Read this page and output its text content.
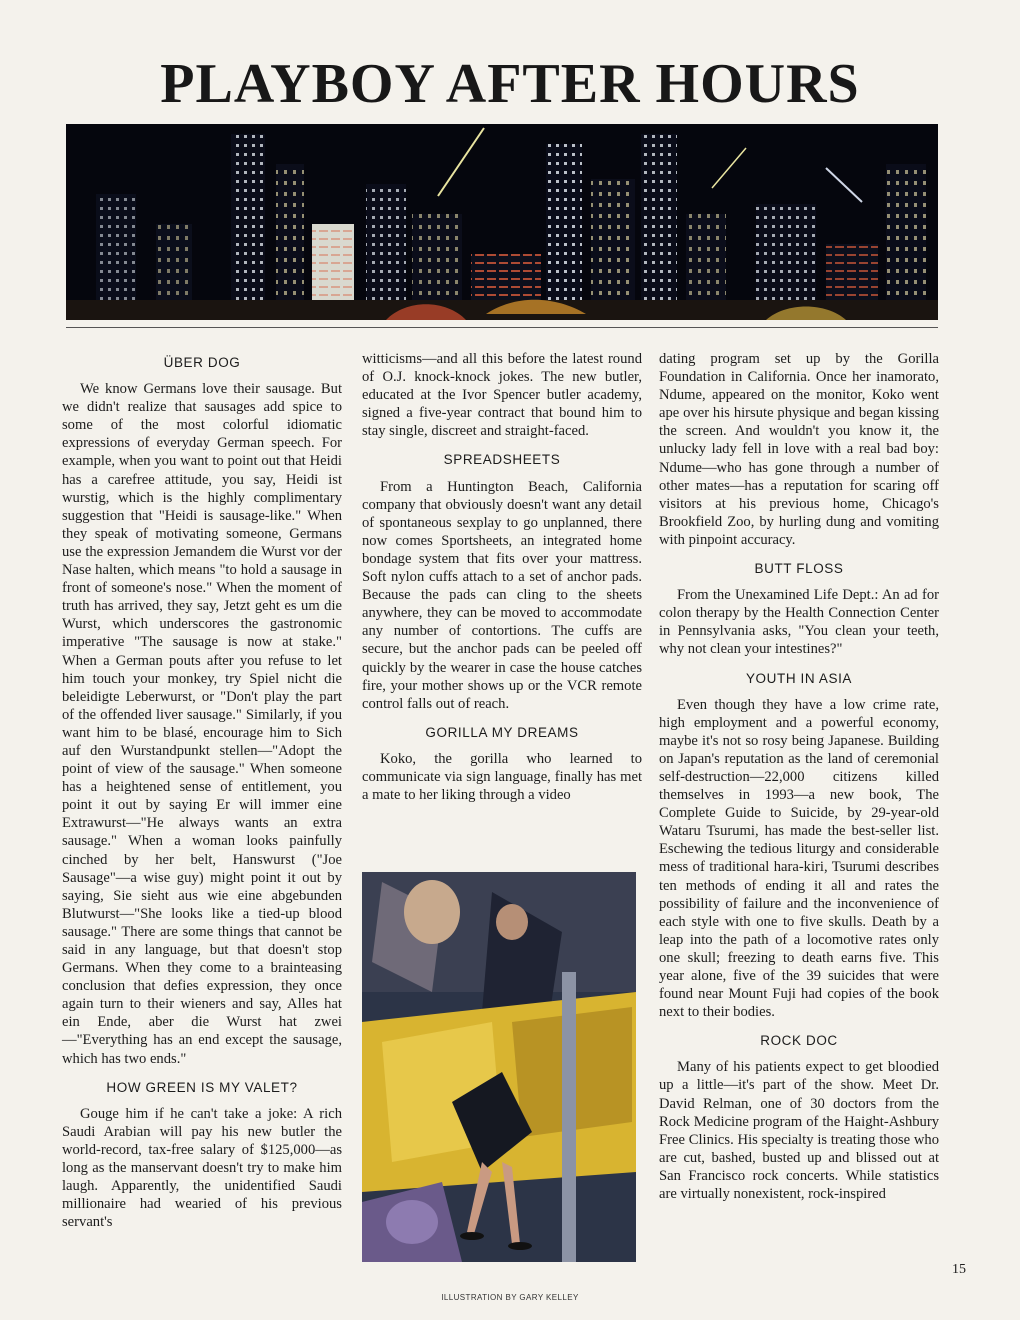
PLAYBOY AFTER HOURS
ÜBER DOG

We know Germans love their sausage. But we didn't realize that sausages add spice to some of the most colorful idiomatic expressions of everyday German speech. For example, when you want to point out that Heidi has a carefree attitude, you say, Heidi ist wurstig, which is the highly complimentary suggestion that "Heidi is sausage-like." When they speak of motivating someone, Germans use the expression Jemandem die Wurst vor der Nase halten, which means "to hold a sausage in front of someone's nose." When the moment of truth has arrived, they say, Jetzt geht es um die Wurst, which underscores the gastronomic imperative "The sausage is now at stake." When a German pouts after you refuse to let him touch your monkey, try Spiel nicht die beleidigte Leberwurst, or "Don't play the part of the offended liver sausage." Similarly, if you want him to be blasé, encourage him to Sich auf den Wurstandpunkt stellen—"Adopt the point of view of the sausage." When someone has a heightened sense of entitlement, you point it out by saying Er will immer eine Extrawurst—"He always wants an extra sausage." When a woman looks painfully cinched by her belt, Hanswurst ("Joe Sausage"—a wise guy) might point it out by saying, Sie sieht aus wie eine abgebunden Blutwurst—"She looks like a tied-up blood sausage." There are some things that cannot be said in any language, but that doesn't stop Germans. When they come to a brainteasing conclusion that defies expression, they once again turn to their wieners and say, Alles hat ein Ende, aber die Wurst hat zwei—"Everything has an end except the sausage, which has two ends."

HOW GREEN IS MY VALET?

Gouge him if he can't take a joke: A rich Saudi Arabian will pay his new butler the world-record, tax-free salary of $125,000—as long as the manservant doesn't try to make him laugh. Apparently, the unidentified Saudi millionaire had wearied of his previous servant's

witticisms—and all this before the latest round of O.J. knock-knock jokes. The new butler, educated at the Ivor Spencer butler academy, signed a five-year contract that bound him to stay single, discreet and straight-faced.

SPREADSHEETS

From a Huntington Beach, California company that obviously doesn't want any detail of spontaneous sexplay to go unplanned, there now comes Sportsheets, an integrated home bondage system that fits over your mattress. Soft nylon cuffs attach to a set of anchor pads. Because the pads can cling to the sheets anywhere, they can be moved to accommodate any number of contortions. The cuffs are secure, but the anchor pads can be peeled off quickly by the wearer in case the house catches fire, your mother shows up or the VCR remote control falls out of reach.

GORILLA MY DREAMS

Koko, the gorilla who learned to communicate via sign language, finally has met a mate to her liking through a video

dating program set up by the Gorilla Foundation in California. Once her inamorato, Ndume, appeared on the monitor, Koko went ape over his hirsute physique and began kissing the screen. And wouldn't you know it, the unlucky lady fell in love with a real bad boy: Ndume—who has gone through a number of other mates—has a reputation for scaring off visitors at his previous home, Chicago's Brookfield Zoo, by hurling dung and vomiting with pinpoint accuracy.

BUTT FLOSS

From the Unexamined Life Dept.: An ad for colon therapy by the Health Connection Center in Pennsylvania asks, "You clean your teeth, why not clean your intestines?"

YOUTH IN ASIA

Even though they have a low crime rate, high employment and a powerful economy, maybe it's not so rosy being Japanese. Building on Japan's reputation as the land of ceremonial self-destruction—22,000 citizens killed themselves in 1993—a new book, The Complete Guide to Suicide, by 29-year-old Wataru Tsurumi, has made the best-seller list. Eschewing the tedious liturgy and considerable mess of traditional hara-kiri, Tsurumi describes ten methods of ending it all and rates the possibility of failure and the inconvenience of each style with one to five skulls. Death by a leap into the path of a locomotive rates only one skull; freezing to death earns five. This year alone, five of the 39 suicides that were found near Mount Fuji had copies of the book next to their bodies.

ROCK DOC

Many of his patients expect to get bloodied up a little—it's part of the show. Meet Dr. David Relman, one of 30 doctors from the Rock Medicine program of the Haight-Ashbury Free Clinics. His specialty is treating those who are cut, bashed, busted up and blissed out at San Francisco rock concerts. While statistics are virtually nonexistent, rock-inspired

15
ILLUSTRATION BY GARY KELLEY
